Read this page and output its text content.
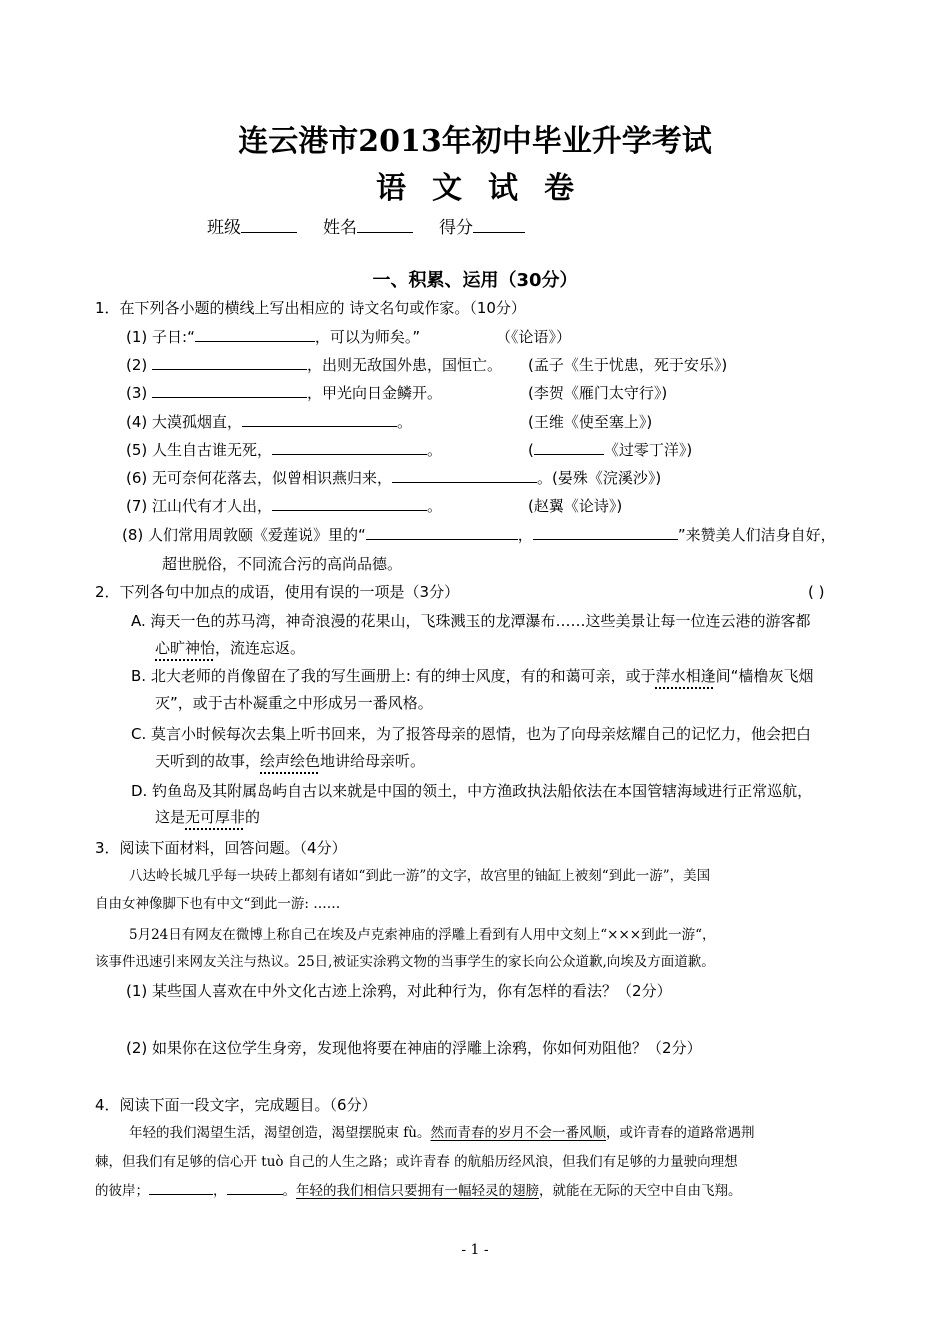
连云港市2013年初中毕业升学考试
语文试卷
班级	姓名	得分
一、积累、运用（30分）
1．在下列各小题的横线上写出相应的 诗文名句或作家。（10分）
(1) 子日:“	，可以为师矣。”	（《论语》）
(2)	，出则无敌国外患，国恒亡。 (孟子《生于忧患，死于安乐》)
(3)	，甲光向日金鳞开。	(李贺《雁门太守行》)
(4) 大漠孤烟直，	。	(王维《使至塞上》)
(5) 人生自古谁无死，	。	(	《过零丁洋》)
(6) 无可奈何花落去，似曾相识燕归来，	。(晏殊《浣溪沙》)
(7) 江山代有才人出，	。	(赵翼《论诗》)
(8) 人们常用周敦颐《爱莲说》里的“	，	”来赞美人们洁身自好，
超世脱俗，不同流合污的高尚品德。
2．下列各句中加点的成语，使用有误的一项是（3分）	( )
A. 海天一色的苏马湾，神奇浪漫的花果山，飞珠溅玉的龙潭瀑布……这些美景让每一位连云港的游客都
心旷神怡，流连忘返。
B. 北大老师的肖像留在了我的写生画册上: 有的绅士风度，有的和蔼可亲，或于萍水相逢间“樯橹灰飞烟
灭”，或于古朴凝重之中形成另一番风格。
C. 莫言小时候每次去集上听书回来，为了报答母亲的恩情，也为了向母亲炫耀自己的记忆力，他会把白
天听到的故事，绘声绘色地讲给母亲听。
D. 钓鱼岛及其附属岛屿自古以来就是中国的领土，中方渔政执法船依法在本国管辖海域进行正常巡航，
这是无可厚非的
3．阅读下面材料，回答问题。（4分）
八达岭长城几乎每一块砖上都刻有诸如“到此一游”的文字，故宫里的铀缸上被刻“到此一游”，美国
自由女神像脚下也有中文“到此一游: ……
5月24日有网友在微博上称自己在埃及卢克索神庙的浮雕上看到有人用中文刻上“×××到此一游“，
该事件迅速引来网友关注与热议。25日,被证实涂鸦文物的当事学生的家长向公众道歉,向埃及方面道歉。
(1) 某些国人喜欢在中外文化古迹上涂鸦，对此种行为，你有怎样的看法？（2分）
(2) 如果你在这位学生身旁，发现他将要在神庙的浮雕上涂鸦，你如何劝阻他？（2分）
4．阅读下面一段文字，完成题目。（6分）
年轻的我们渴望生活，渴望创造，渴望摆脱束 fù。然而青春的岁月不会一番风顺，或许青春的道路常遇荆
棘，但我们有足够的信心开 tuò 自己的人生之路；或许青春 的航船历经风浪，但我们有足够的力量驶向理想
的彼岸；	，	。年轻的我们相信只要拥有一幅轻灵的翅膀，就能在无际的天空中自由飞翔。
- 1 -
